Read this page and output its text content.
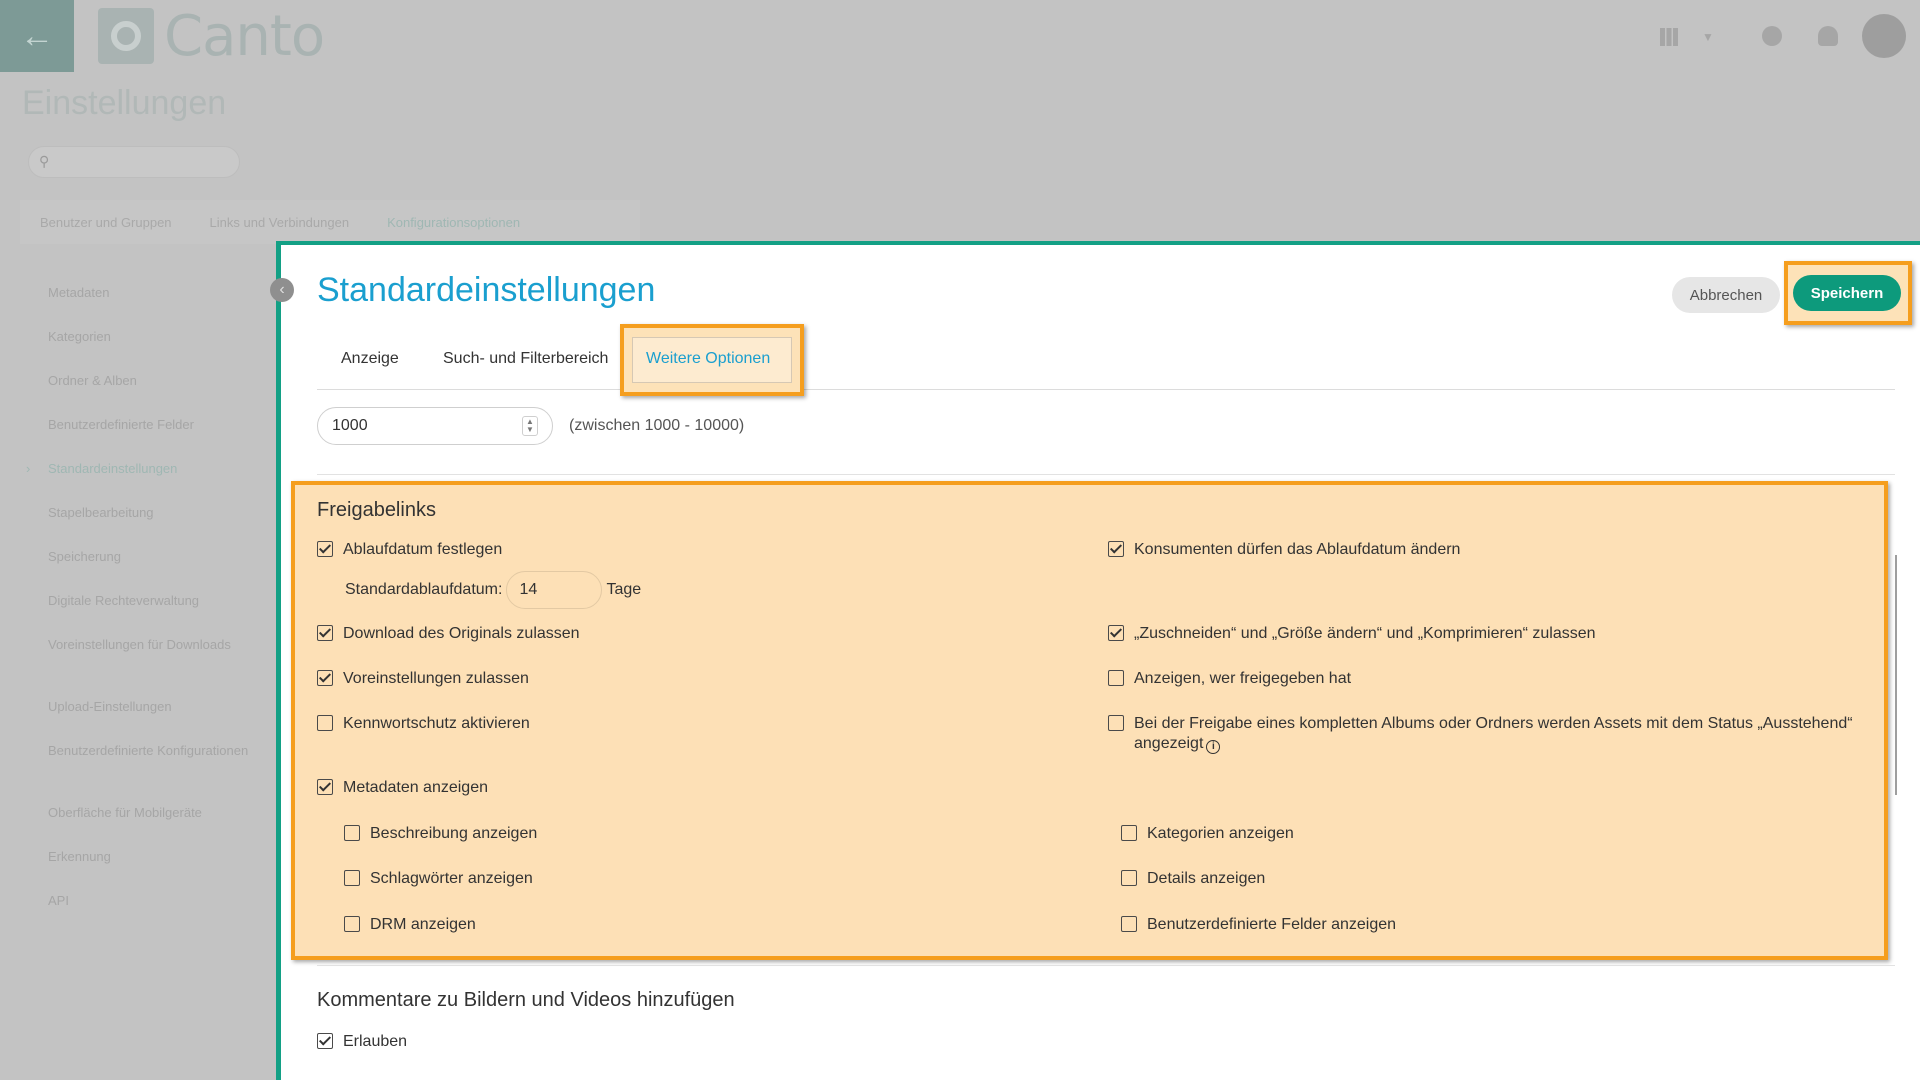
←	Canto	▼
Einstellungen
⚲
Benutzer und Gruppen	Links und Verbindungen	Konfigurationsoptionen
Metadaten
Kategorien
Ordner & Alben
Benutzerdefinierte Felder
› Standardeinstellungen
Stapelbearbeitung
Speicherung
Digitale Rechteverwaltung
Voreinstellungen für Downloads
Upload-Einstellungen
Benutzerdefinierte Konfigurationen
Oberfläche für Mobilgeräte
Erkennung
API
‹ Standardeinstellungen	Abbrechen	Speichern
Anzeige	Such- und Filterbereich Weitere Optionen
1000	▲
▼ (zwischen 1000 - 10000)
Freigabelinks
Ablaufdatum festlegen
Standardablaufdatum:	14	Tage
Download des Originals zulassen
Voreinstellungen zulassen
Kennwortschutz aktivieren
Metadaten anzeigen
Konsumenten dürfen das Ablaufdatum ändern
„Zuschneiden“ und „Größe ändern“ und „Komprimieren“ zulassen
Anzeigen, wer freigegeben hat
Bei der Freigabe eines kompletten Albums oder Ordners werden Assets mit dem Status „Ausstehend“ angezeigt i
Beschreibung anzeigen
Schlagwörter anzeigen
DRM anzeigen
Kategorien anzeigen
Details anzeigen
Benutzerdefinierte Felder anzeigen
Kommentare zu Bildern und Videos hinzufügen
Erlauben
